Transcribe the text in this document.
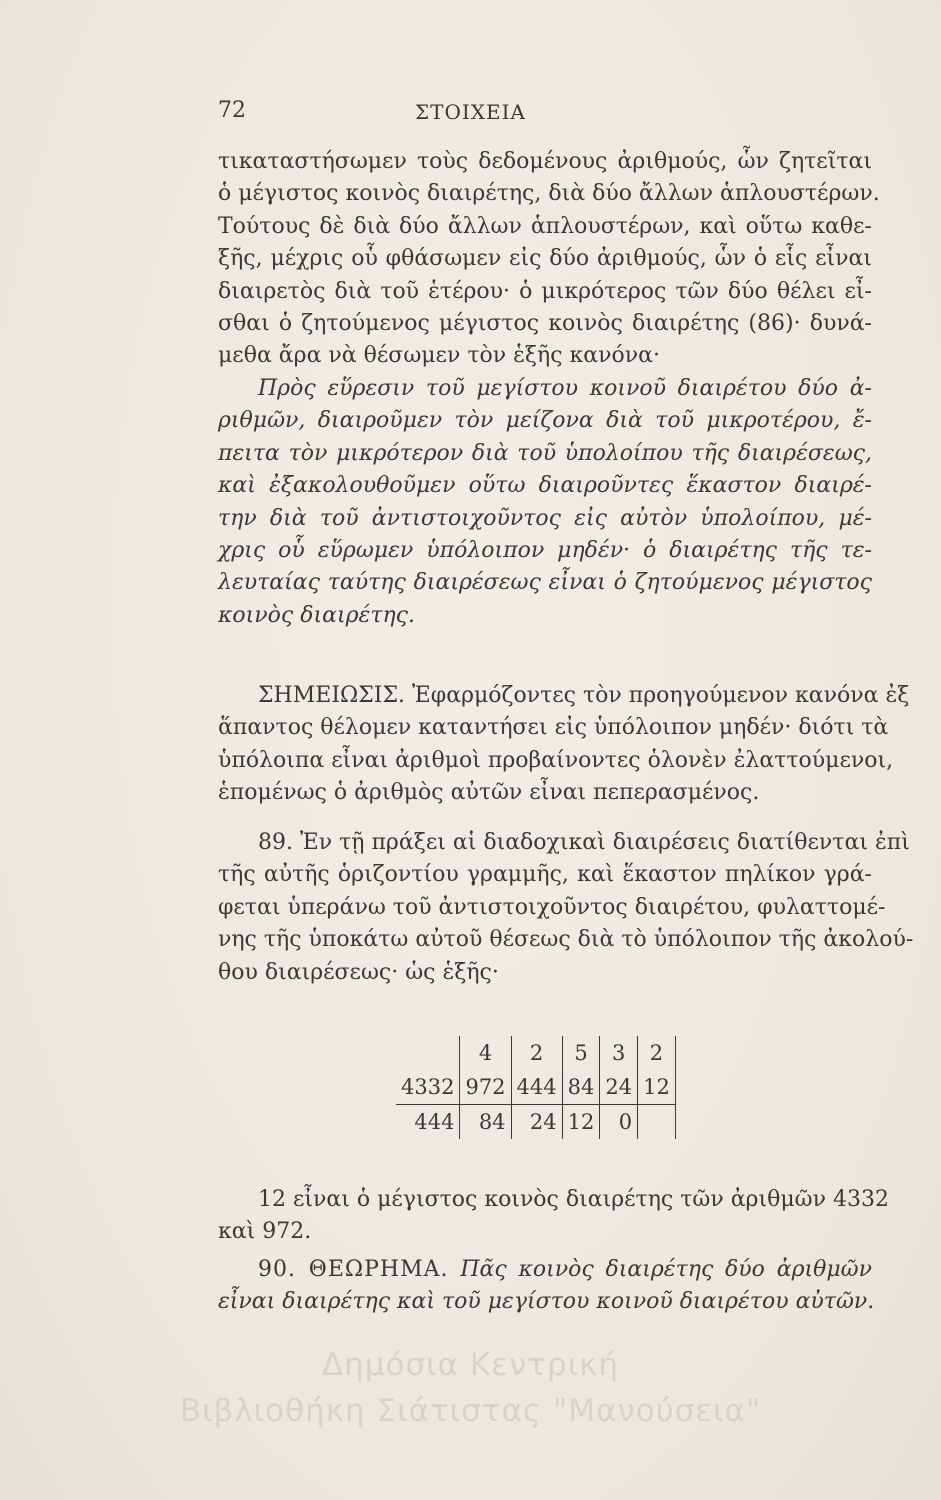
72	ΣΤΟΙΧΕΙΑ
τικαταστήσωμεν τοὺς δεδομένους ἀριθμούς, ὧν ζητεῖται
ὁ μέγιστος κοινὸς διαιρέτης, διὰ δύο ἄλλων ἁπλουστέρων.
Τούτους δὲ διὰ δύο ἄλλων ἁπλουστέρων, καὶ οὕτω καθε-
ξῆς, μέχρις οὗ φθάσωμεν εἰς δύο ἀριθμούς, ὧν ὁ εἷς εἶναι
διαιρετὸς διὰ τοῦ ἑτέρου· ὁ μικρότερος τῶν δύο θέλει εἶ-
σθαι ὁ ζητούμενος μέγιστος κοινὸς διαιρέτης (86)· δυνά-
μεθα ἄρα νὰ θέσωμεν τὸν ἑξῆς κανόνα·
Πρὸς εὕρεσιν τοῦ μεγίστου κοινοῦ διαιρέτου δύο ἀ-
ριθμῶν, διαιροῦμεν τὸν μείζονα διὰ τοῦ μικροτέρου, ἔ-
πειτα τὸν μικρότερον διὰ τοῦ ὑπολοίπου τῆς διαιρέσεως,
καὶ ἐξακολουθοῦμεν οὕτω διαιροῦντες ἕκαστον διαιρέ-
την διὰ τοῦ ἀντιστοιχοῦντος εἰς αὐτὸν ὑπολοίπου, μέ-
χρις οὗ εὕρωμεν ὑπόλοιπον μηδέν· ὁ διαιρέτης τῆς τε-
λευταίας ταύτης διαιρέσεως εἶναι ὁ ζητούμενος μέγιστος
κοινὸς διαιρέτης.
ΣΗΜΕΙΩΣΙΣ. Ἐφαρμόζοντες τὸν προηγούμενον κανόνα ἐξ
ἅπαντος θέλομεν καταντήσει εἰς ὑπόλοιπον μηδέν· διότι τὰ
ὑπόλοιπα εἶναι ἀριθμοὶ προβαίνοντες ὁλονὲν ἐλαττούμενοι,
ἑπομένως ὁ ἀριθμὸς αὐτῶν εἶναι πεπερασμένος.
89. Ἐν τῇ πράξει αἱ διαδοχικαὶ διαιρέσεις διατίθενται ἐπὶ
τῆς αὐτῆς ὁριζοντίου γραμμῆς, καὶ ἕκαστον πηλίκον γρά-
φεται ὑπεράνω τοῦ ἀντιστοιχοῦντος διαιρέτου, φυλαττομέ-
νης τῆς ὑποκάτω αὐτοῦ θέσεως διὰ τὸ ὑπόλοιπον τῆς ἀκολού-
θου διαιρέσεως· ὡς ἑξῆς·
	4	2	5	3	2
4332	972	444	84	24	12
444	84	24	12	0	
12 εἶναι ὁ μέγιστος κοινὸς διαιρέτης τῶν ἀριθμῶν 4332
καὶ 972.
90. ΘΕΩΡΗΜΑ. Πᾶς κοινὸς διαιρέτης δύο ἀριθμῶν
εἶναι διαιρέτης καὶ τοῦ μεγίστου κοινοῦ διαιρέτου αὐτῶν.
Δημόσια Κεντρική
Βιβλιοθήκη Σιάτιστας "Μανούσεια"
